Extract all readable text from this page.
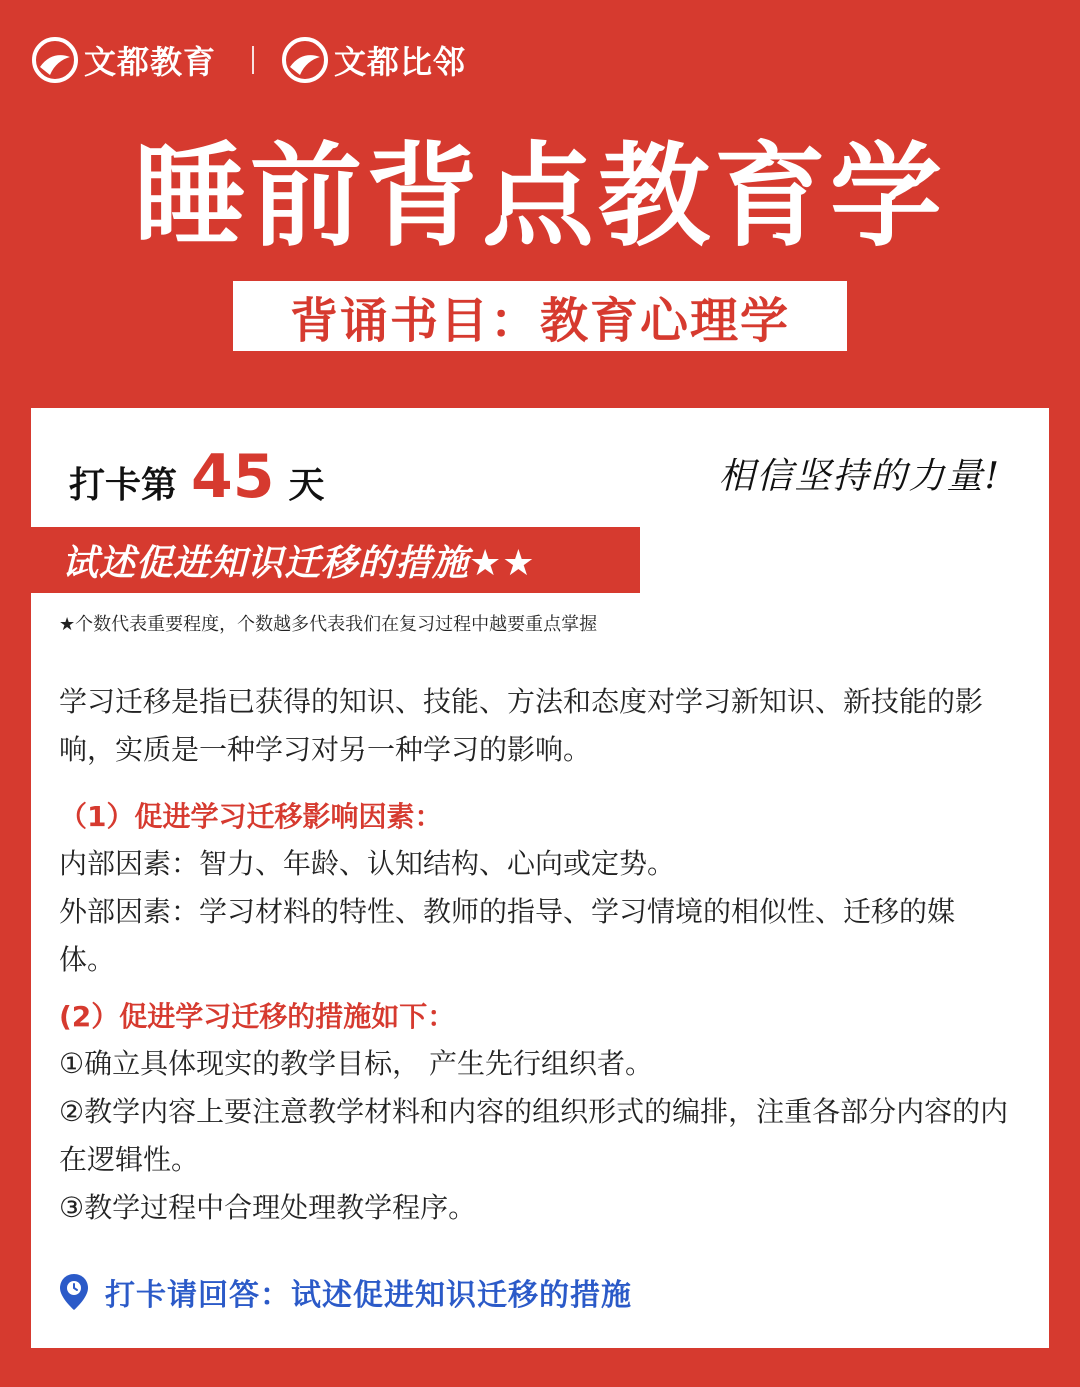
文都教育	文都比邻
睡前背点教育学
背诵书目：教育心理学
打卡第 45 天	相信坚持的力量!
试述促进知识迁移的措施★★
★个数代表重要程度，个数越多代表我们在复习过程中越要重点掌握
学习迁移是指已获得的知识、技能、方法和态度对学习新知识、新技能的影响，实质是一种学习对另一种学习的影响。
（1）促进学习迁移影响因素：

内部因素：智力、年龄、认知结构、心向或定势。

外部因素：学习材料的特性、教师的指导、学习情境的相似性、迁移的媒体。

(2）促进学习迁移的措施如下：

①确立具体现实的教学目标， 产生先行组织者。

②教学内容上要注意教学材料和内容的组织形式的编排，注重各部分内容的内在逻辑性。

③教学过程中合理处理教学程序。

打卡请回答：试述促进知识迁移的措施
